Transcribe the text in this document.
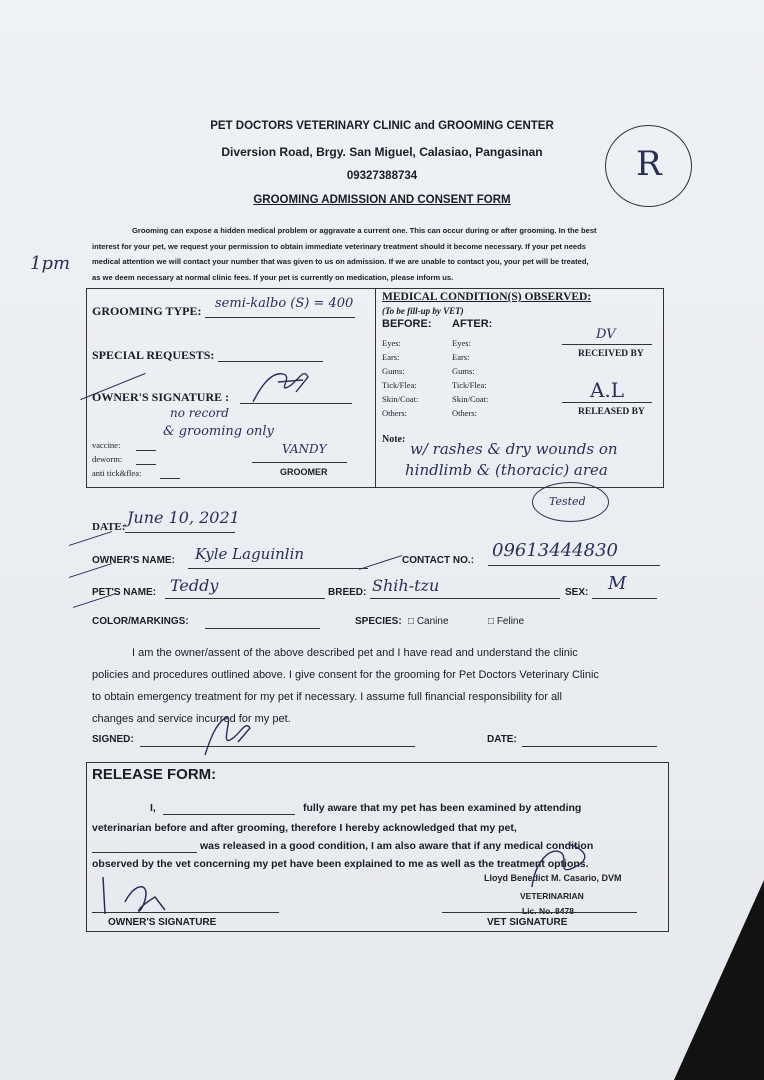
PET DOCTORS VETERINARY CLINIC and GROOMING CENTER
Diversion Road, Brgy. San Miguel, Calasiao, Pangasinan
09327388734
GROOMING ADMISSION AND CONSENT FORM
R
1pm
Grooming can expose a hidden medical problem or aggravate a current one. This can occur during or after grooming. In the best
interest for your pet, we request your permission to obtain immediate veterinary treatment should it become necessary. If your pet needs
medical attention we will contact your number that was given to us on admission. If we are unable to contact you, your pet will be treated,
as we deem necessary at normal clinic fees. If your pet is currently on medication, please inform us.
GROOMING TYPE: semi-kalbo (S) = 400
SPECIAL REQUESTS:
OWNER'S SIGNATURE :
no record
& grooming only
vaccine:
deworm:
anti tick&flea:
VANDY
GROOMER
MEDICAL CONDITION(S) OBSERVED:
(To be fill-up by VET)
BEFORE: AFTER:
Eyes:
Ears:
Gums:
Tick/Flea:
Skin/Coat:
Others:
Eyes:
Ears:
Gums:
Tick/Flea:
Skin/Coat:
Others:
DV
RECEIVED BY
A.L
RELEASED BY
Note:
w/ rashes & dry wounds on
hindlimb & (thoracic) area
Tested
DATE: June 10, 2021
OWNER'S NAME: Kyle Laguinlin	CONTACT NO.: 09613444830
PET'S NAME: Teddy	BREED: Shih-tzu	SEX: M
COLOR/MARKINGS:	SPECIES: □ Canine	□ Feline
I am the owner/assent of the above described pet and I have read and understand the clinic
policies and procedures outlined above. I give consent for the grooming for Pet Doctors Veterinary Clinic
to obtain emergency treatment for my pet if necessary. I assume full financial responsibility for all
changes and service incurred for my pet.
SIGNED:	DATE:
RELEASE FORM:
I,	fully aware that my pet has been examined by attending
veterinarian before and after grooming, therefore I hereby acknowledged that my pet,
was released in a good condition, I am also aware that if any medical condition
observed by the vet concerning my pet have been explained to me as well as the treatment options.
OWNER'S SIGNATURE
Lloyd Benedict M. Casario, DVM
VETERINARIAN
Lic. No. 8478
VET SIGNATURE
